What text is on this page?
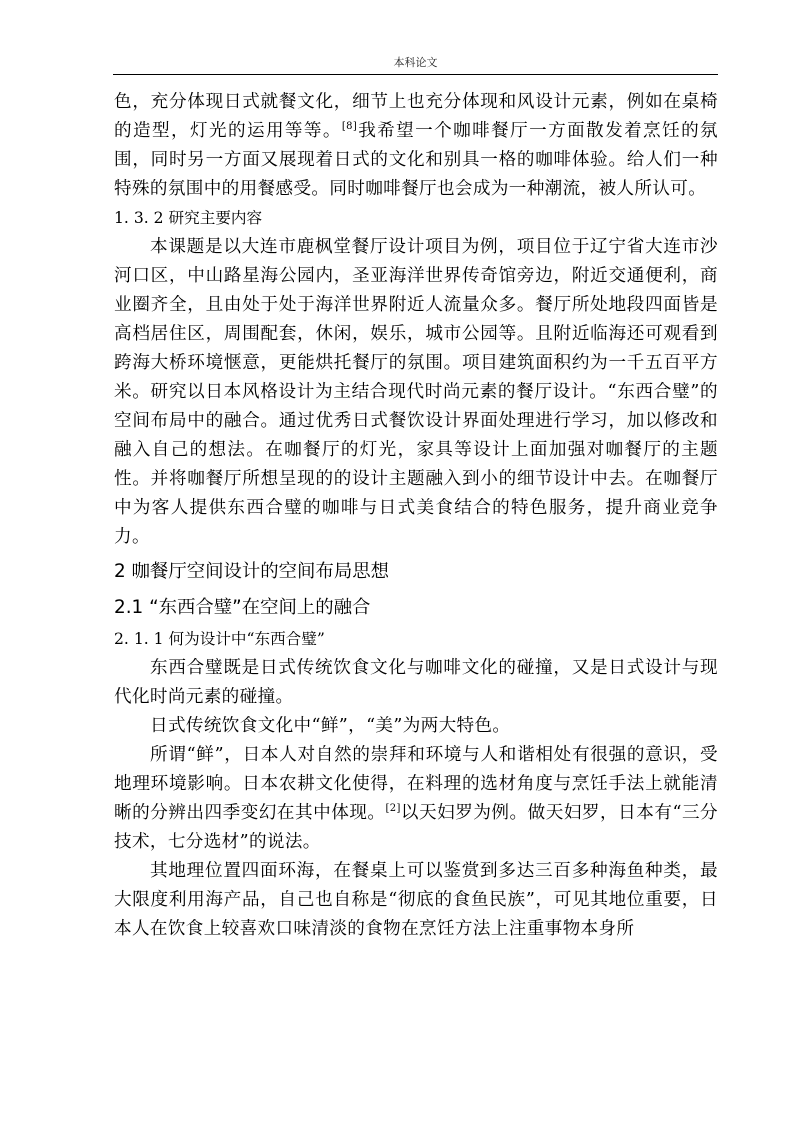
本科论文

色，充分体现日式就餐文化，细节上也充分体现和风设计元素，例如在桌椅的造型，灯光的运用等等。[8]我希望一个咖啡餐厅一方面散发着烹饪的氛围，同时另一方面又展现着日式的文化和别具一格的咖啡体验。给人们一种特殊的氛围中的用餐感受。同时咖啡餐厅也会成为一种潮流，被人所认可。

1. 3. 2 研究主要内容

本课题是以大连市鹿枫堂餐厅设计项目为例，项目位于辽宁省大连市沙河口区，中山路星海公园内，圣亚海洋世界传奇馆旁边，附近交通便利，商业圈齐全，且由处于处于海洋世界附近人流量众多。餐厅所处地段四面皆是高档居住区，周围配套，休闲，娱乐，城市公园等。且附近临海还可观看到跨海大桥环境惬意，更能烘托餐厅的氛围。项目建筑面积约为一千五百平方米。研究以日本风格设计为主结合现代时尚元素的餐厅设计。“东西合璧”的空间布局中的融合。通过优秀日式餐饮设计界面处理进行学习，加以修改和融入自己的想法。在咖餐厅的灯光，家具等设计上面加强对咖餐厅的主题性。并将咖餐厅所想呈现的的设计主题融入到小的细节设计中去。在咖餐厅中为客人提供东西合璧的咖啡与日式美食结合的特色服务，提升商业竞争力。

2 咖餐厅空间设计的空间布局思想
2.1 “东西合璧”在空间上的融合
2. 1. 1 何为设计中“东西合璧”

东西合璧既是日式传统饮食文化与咖啡文化的碰撞，又是日式设计与现代化时尚元素的碰撞。

日式传统饮食文化中“鲜”，“美”为两大特色。

所谓“鲜”，日本人对自然的崇拜和环境与人和谐相处有很强的意识，受地理环境影响。日本农耕文化使得，在料理的选材角度与烹饪手法上就能清晰的分辨出四季变幻在其中体现。[2]以天妇罗为例。做天妇罗，日本有“三分技术，七分选材”的说法。

其地理位置四面环海，在餐桌上可以鉴赏到多达三百多种海鱼种类，最大限度利用海产品，自己也自称是“彻底的食鱼民族”，可见其地位重要，日本人在饮食上较喜欢口味清淡的食物在烹饪方法上注重事物本身所
